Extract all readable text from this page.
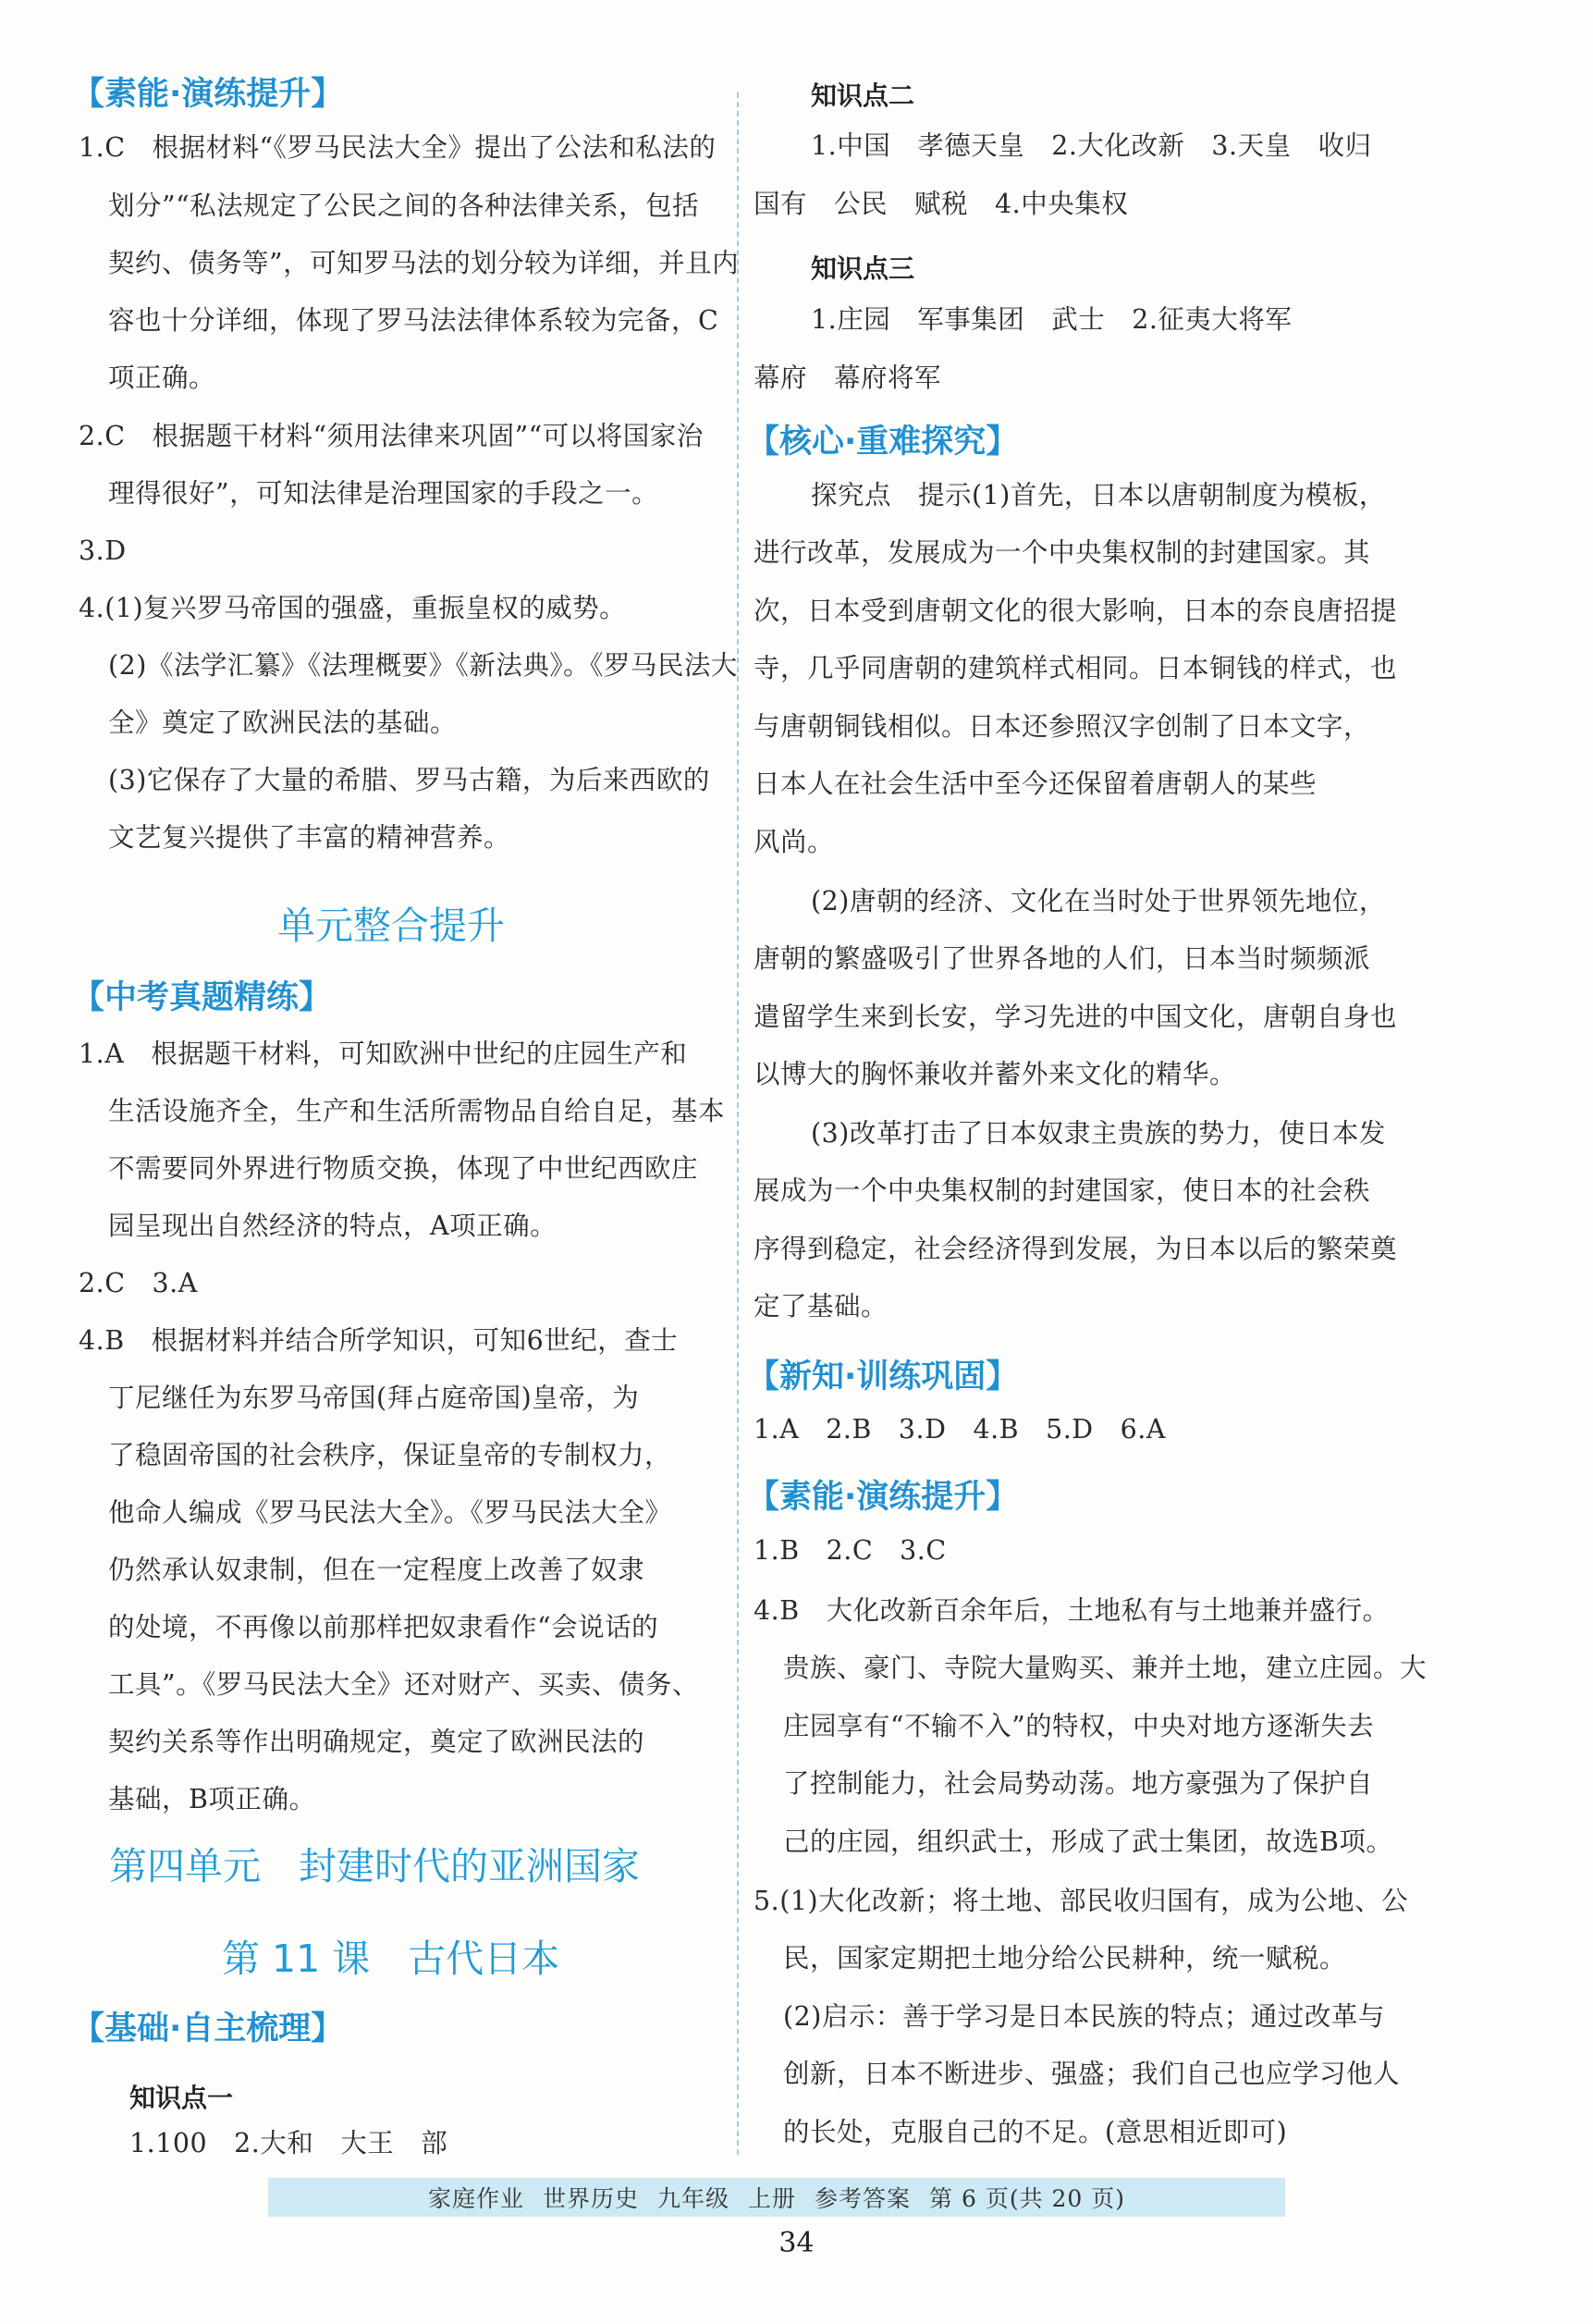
1.C　根据材料“《罗马民法大全》提出了公法和私法的
划分”“私法规定了公民之间的各种法律关系，包括
契约、债务等”，可知罗马法的划分较为详细，并且内
容也十分详细，体现了罗马法法律体系较为完备，C
项正确。
2.C　根据题干材料“须用法律来巩固”“可以将国家治
理得很好”，可知法律是治理国家的手段之一。
3.D
4.(1)复兴罗马帝国的强盛，重振皇权的威势。
(2)《法学汇纂》《法理概要》《新法典》。《罗马民法大
全》奠定了欧洲民法的基础。
(3)它保存了大量的希腊、罗马古籍，为后来西欧的
文艺复兴提供了丰富的精神营养。
1.A　根据题干材料，可知欧洲中世纪的庄园生产和
生活设施齐全，生产和生活所需物品自给自足，基本
不需要同外界进行物质交换，体现了中世纪西欧庄
园呈现出自然经济的特点，A项正确。
2.C　3.A
4.B　根据材料并结合所学知识，可知6世纪，查士
丁尼继任为东罗马帝国(拜占庭帝国)皇帝，为
了稳固帝国的社会秩序，保证皇帝的专制权力，
他命人编成《罗马民法大全》。《罗马民法大全》
仍然承认奴隶制，但在一定程度上改善了奴隶
的处境，不再像以前那样把奴隶看作“会说话的
工具”。《罗马民法大全》还对财产、买卖、债务、
契约关系等作出明确规定，奠定了欧洲民法的
基础，B项正确。
1.100　2.大和　大王　部
【素能·演练提升】
【中考真题精练】
【基础·自主梳理】
1.中国　孝德天皇　2.大化改新　3.天皇　收归
国有　公民　赋税　4.中央集权
1.庄园　军事集团　武士　2.征夷大将军
幕府　幕府将军
探究点　提示(1)首先，日本以唐朝制度为模板，
进行改革，发展成为一个中央集权制的封建国家。其
次，日本受到唐朝文化的很大影响，日本的奈良唐招提
寺，几乎同唐朝的建筑样式相同。日本铜钱的样式，也
与唐朝铜钱相似。日本还参照汉字创制了日本文字，
日本人在社会生活中至今还保留着唐朝人的某些
风尚。
(2)唐朝的经济、文化在当时处于世界领先地位，
唐朝的繁盛吸引了世界各地的人们，日本当时频频派
遣留学生来到长安，学习先进的中国文化，唐朝自身也
以博大的胸怀兼收并蓄外来文化的精华。
(3)改革打击了日本奴隶主贵族的势力，使日本发
展成为一个中央集权制的封建国家，使日本的社会秩
序得到稳定，社会经济得到发展，为日本以后的繁荣奠
定了基础。
1.A　2.B　3.D　4.B　5.D　6.A
1.B　2.C　3.C
4.B　大化改新百余年后，土地私有与土地兼并盛行。
贵族、豪门、寺院大量购买、兼并土地，建立庄园。大
庄园享有“不输不入”的特权，中央对地方逐渐失去
了控制能力，社会局势动荡。地方豪强为了保护自
己的庄园，组织武士，形成了武士集团，故选B项。
5.(1)大化改新；将土地、部民收归国有，成为公地、公
民，国家定期把土地分给公民耕种，统一赋税。
(2)启示：善于学习是日本民族的特点；通过改革与
创新，日本不断进步、强盛；我们自己也应学习他人
的长处，克服自己的不足。(意思相近即可)
【核心·重难探究】
【新知·训练巩固】
【素能·演练提升】
知识点二
知识点三
单元整合提升
第四单元　封建时代的亚洲国家
第 11 课　古代日本
知识点一
家庭作业 世界历史 九年级 上册 参考答案 第 6 页(共 20 页)
34
